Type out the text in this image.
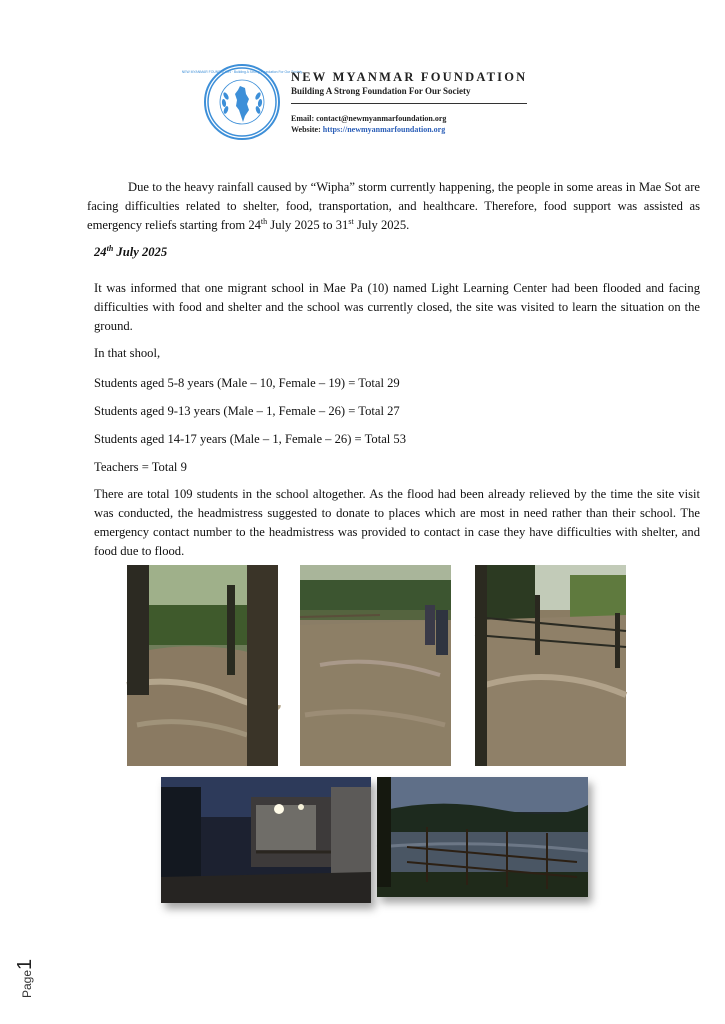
NEW MYANMAR FOUNDATION · Building A Strong Foundation For Our Society
NEW MYANMAR FOUNDATION
Building A Strong Foundation For Our Society
Email: contact@newmyanmarfoundation.org
Website: https://newmyanmarfoundation.org

Due to the heavy rainfall caused by “Wipha” storm currently happening, the people in some areas in Mae Sot are facing difficulties related to shelter, food, transportation, and healthcare. Therefore, food support was assisted as emergency reliefs starting from 24th July 2025 to 31st July 2025.

24th July 2025

It was informed that one migrant school in Mae Pa (10) named Light Learning Center had been flooded and facing difficulties with food and shelter and the school was currently closed, the site was visited to learn the situation on the ground.

In that shool,
Students aged 5-8 years (Male – 10, Female – 19) = Total 29
Students aged 9-13 years (Male – 1, Female – 26) = Total 27
Students aged 14-17 years (Male – 1, Female – 26) = Total 53
Teachers = Total 9

There are total 109 students in the school altogether. As the flood had been already relieved by the time the site visit was conducted, the headmistress suggested to donate to places which are most in need rather than their school. The emergency contact number to the headmistress was provided to contact in case they have difficulties with shelter, and food due to flood.

Page1
